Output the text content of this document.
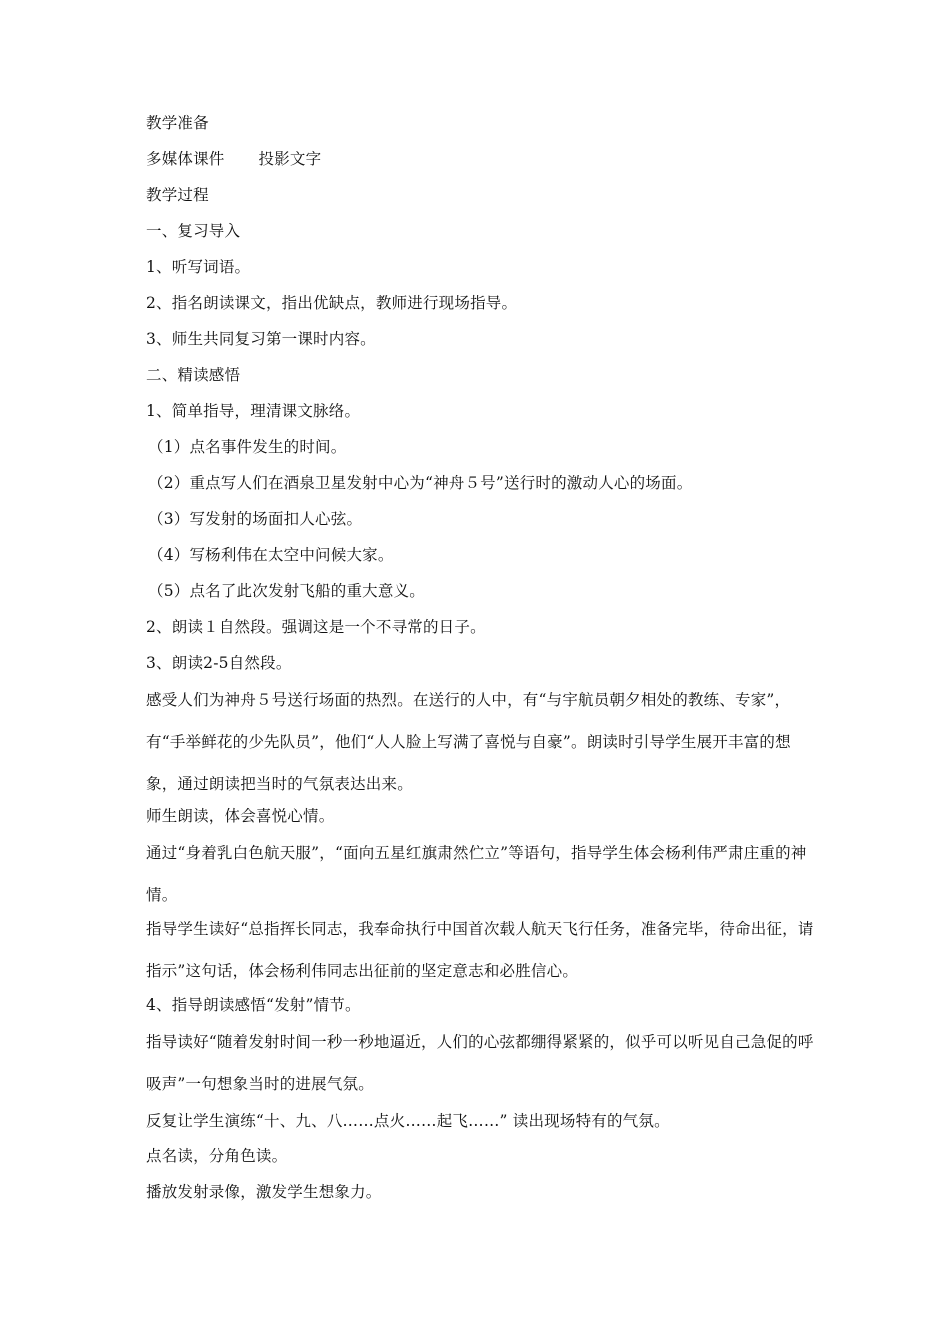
教学准备
多媒体课件 投影文字
教学过程
一、复习导入
1、听写词语。
2、指名朗读课文，指出优缺点，教师进行现场指导。
3、师生共同复习第一课时内容。
二、精读感悟
1、简单指导，理清课文脉络。
（1）点名事件发生的时间。
（2）重点写人们在酒泉卫星发射中心为“神舟５号”送行时的激动人心的场面。
（3）写发射的场面扣人心弦。
（4）写杨利伟在太空中问候大家。
（5）点名了此次发射飞船的重大意义。
2、朗读１自然段。强调这是一个不寻常的日子。
3、朗读2-5自然段。
感受人们为神舟５号送行场面的热烈。在送行的人中，有“与宇航员朝夕相处的教练、专家”，有“手举鲜花的少先队员”，他们“人人脸上写满了喜悦与自豪”。朗读时引导学生展开丰富的想象，通过朗读把当时的气氛表达出来。
师生朗读，体会喜悦心情。
通过“身着乳白色航天服”，“面向五星红旗肃然伫立”等语句，指导学生体会杨利伟严肃庄重的神情。
指导学生读好“总指挥长同志，我奉命执行中国首次载人航天飞行任务，准备完毕，待命出征，请指示”这句话，体会杨利伟同志出征前的坚定意志和必胜信心。
4、指导朗读感悟“发射”情节。
指导读好“随着发射时间一秒一秒地逼近，人们的心弦都绷得紧紧的，似乎可以听见自己急促的呼吸声”一句想象当时的进展气氛。
反复让学生演练“十、九、八……点火……起飞……” 读出现场特有的气氛。
点名读，分角色读。
播放发射录像，激发学生想象力。
